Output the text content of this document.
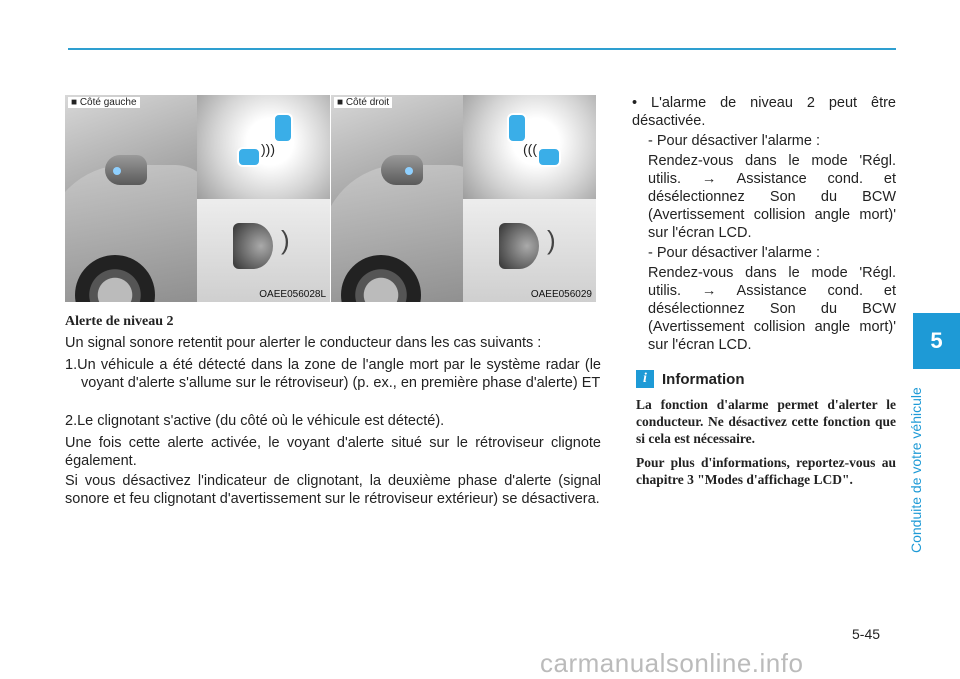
5
Conduite de votre véhicule
■ Côté gauche
)))
)
OAEE056028L
■ Côté droit
(((
)
OAEE056029
Alerte de niveau 2
Un signal sonore retentit pour alerter le conducteur dans les cas suivants :
1.Un véhicule a été détecté dans la zone de l'angle mort par le système radar (le voyant d'alerte s'allume sur le rétroviseur) (p. ex., en première phase d'alerte) ET
2.Le clignotant s'active (du côté où le véhicule est détecté).
Une fois cette alerte activée, le voyant d'alerte situé sur le rétroviseur clignote également.
Si vous désactivez l'indicateur de clignotant, la deuxième phase d'alerte (signal sonore et feu clignotant d'avertissement sur le rétroviseur extérieur) se désactivera.
• L'alarme de niveau 2 peut être désactivée.
- Pour désactiver l'alarme :
Rendez-vous dans le mode 'Régl. utilis. → Assistance cond. et désélectionnez Son du BCW (Avertissement collision angle mort)' sur l'écran LCD.
- Pour désactiver l'alarme :
Rendez-vous dans le mode 'Régl. utilis. → Assistance cond. et désélectionnez Son du BCW (Avertissement collision angle mort)' sur l'écran LCD.
i	Information
La fonction d'alarme permet d'alerter le conducteur. Ne désactivez cette fonction que si cela est nécessaire.
Pour plus d'informations, reportez-vous au chapitre 3 "Modes d'affichage LCD".
5-45
carmanualsonline.info
